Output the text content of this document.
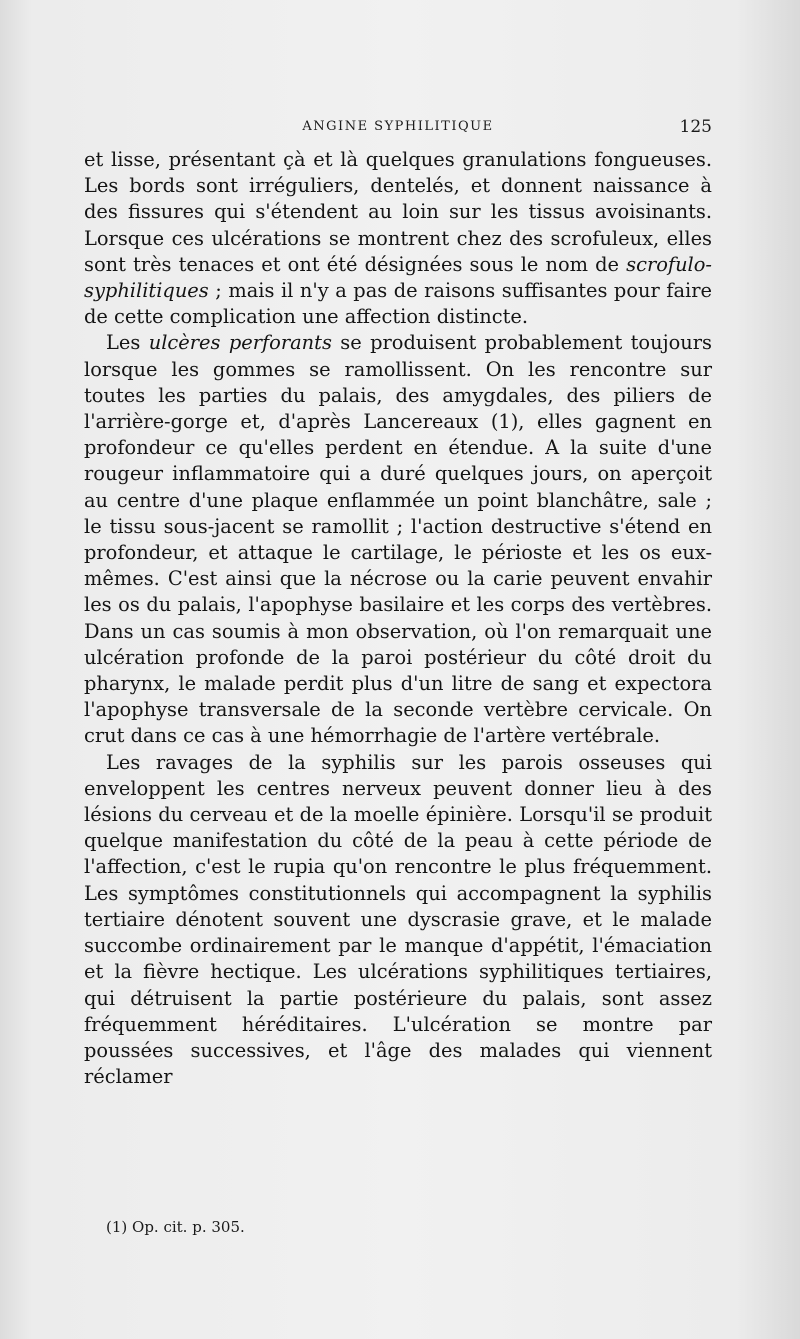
ANGINE SYPHILITIQUE	125

et lisse, présentant çà et là quelques granulations fongueuses. Les bords sont irréguliers, dentelés, et donnent naissance à des fissures qui s'étendent au loin sur les tissus avoisinants. Lorsque ces ulcérations se montrent chez des scrofuleux, elles sont très tenaces et ont été désignées sous le nom de scrofulo-syphilitiques ; mais il n'y a pas de raisons suffisantes pour faire de cette complication une affection distincte.

Les ulcères perforants se produisent probablement toujours lorsque les gommes se ramollissent. On les rencontre sur toutes les parties du palais, des amygdales, des piliers de l'arrière-gorge et, d'après Lancereaux (1), elles gagnent en profondeur ce qu'elles perdent en étendue. A la suite d'une rougeur inflammatoire qui a duré quelques jours, on aperçoit au centre d'une plaque enflammée un point blanchâtre, sale ; le tissu sous-jacent se ramollit ; l'action destructive s'étend en profondeur, et attaque le cartilage, le périoste et les os eux-mêmes. C'est ainsi que la nécrose ou la carie peuvent envahir les os du palais, l'apophyse basilaire et les corps des vertèbres. Dans un cas soumis à mon observation, où l'on remarquait une ulcération profonde de la paroi postérieur du côté droit du pharynx, le malade perdit plus d'un litre de sang et expectora l'apophyse transversale de la seconde vertèbre cervicale. On crut dans ce cas à une hémorrhagie de l'artère vertébrale.

Les ravages de la syphilis sur les parois osseuses qui enveloppent les centres nerveux peuvent donner lieu à des lésions du cerveau et de la moelle épinière. Lorsqu'il se produit quelque manifestation du côté de la peau à cette période de l'affection, c'est le rupia qu'on rencontre le plus fréquemment. Les symptômes constitutionnels qui accompagnent la syphilis tertiaire dénotent souvent une dyscrasie grave, et le malade succombe ordinairement par le manque d'appétit, l'émaciation et la fièvre hectique. Les ulcérations syphilitiques tertiaires, qui détruisent la partie postérieure du palais, sont assez fréquemment héréditaires. L'ulcération se montre par poussées successives, et l'âge des malades qui viennent réclamer

(1) Op. cit. p. 305.
